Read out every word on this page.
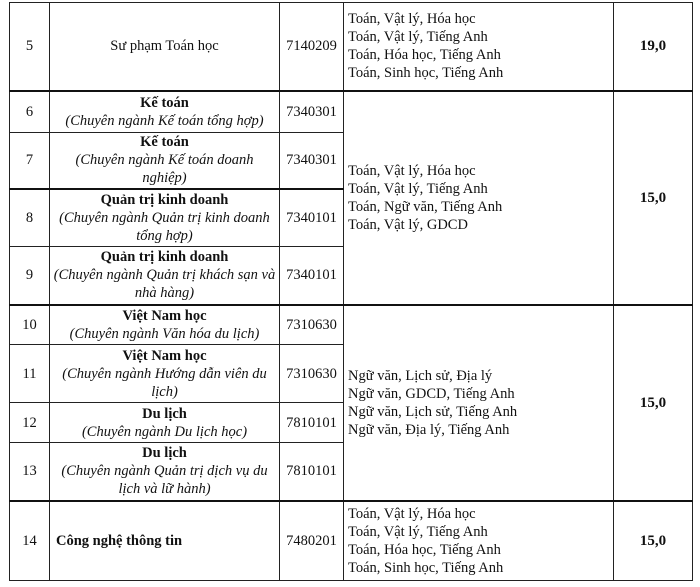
5	Sư phạm Toán học	7140209	Toán, Vật lý, Hóa học
Toán, Vật lý, Tiếng Anh
Toán, Hóa học, Tiếng Anh
Toán, Sinh học, Tiếng Anh	19,0
6	Kế toán
(Chuyên ngành Kế toán tổng hợp)	7340301	Toán, Vật lý, Hóa học
Toán, Vật lý, Tiếng Anh
Toán, Ngữ văn, Tiếng Anh
Toán, Vật lý, GDCD	15,0
7	Kế toán
(Chuyên ngành Kế toán doanh nghiệp)	7340301		
8	Quản trị kinh doanh
(Chuyên ngành Quản trị kinh doanh tổng hợp)	7340101		
9	Quản trị kinh doanh
(Chuyên ngành Quản trị khách sạn và nhà hàng)	7340101		
10	Việt Nam học
(Chuyên ngành Văn hóa du lịch)	7310630	Ngữ văn, Lịch sử, Địa lý
Ngữ văn, GDCD, Tiếng Anh
Ngữ văn, Lịch sử, Tiếng Anh
Ngữ văn, Địa lý, Tiếng Anh	15,0
11	Việt Nam học
(Chuyên ngành Hướng dẫn viên du lịch)	7310630		
12	Du lịch
(Chuyên ngành Du lịch học)	7810101		
13	Du lịch
(Chuyên ngành Quản trị dịch vụ du lịch và lữ hành)	7810101		
14	Công nghệ thông tin	7480201	Toán, Vật lý, Hóa học
Toán, Vật lý, Tiếng Anh
Toán, Hóa học, Tiếng Anh
Toán, Sinh học, Tiếng Anh	15,0
